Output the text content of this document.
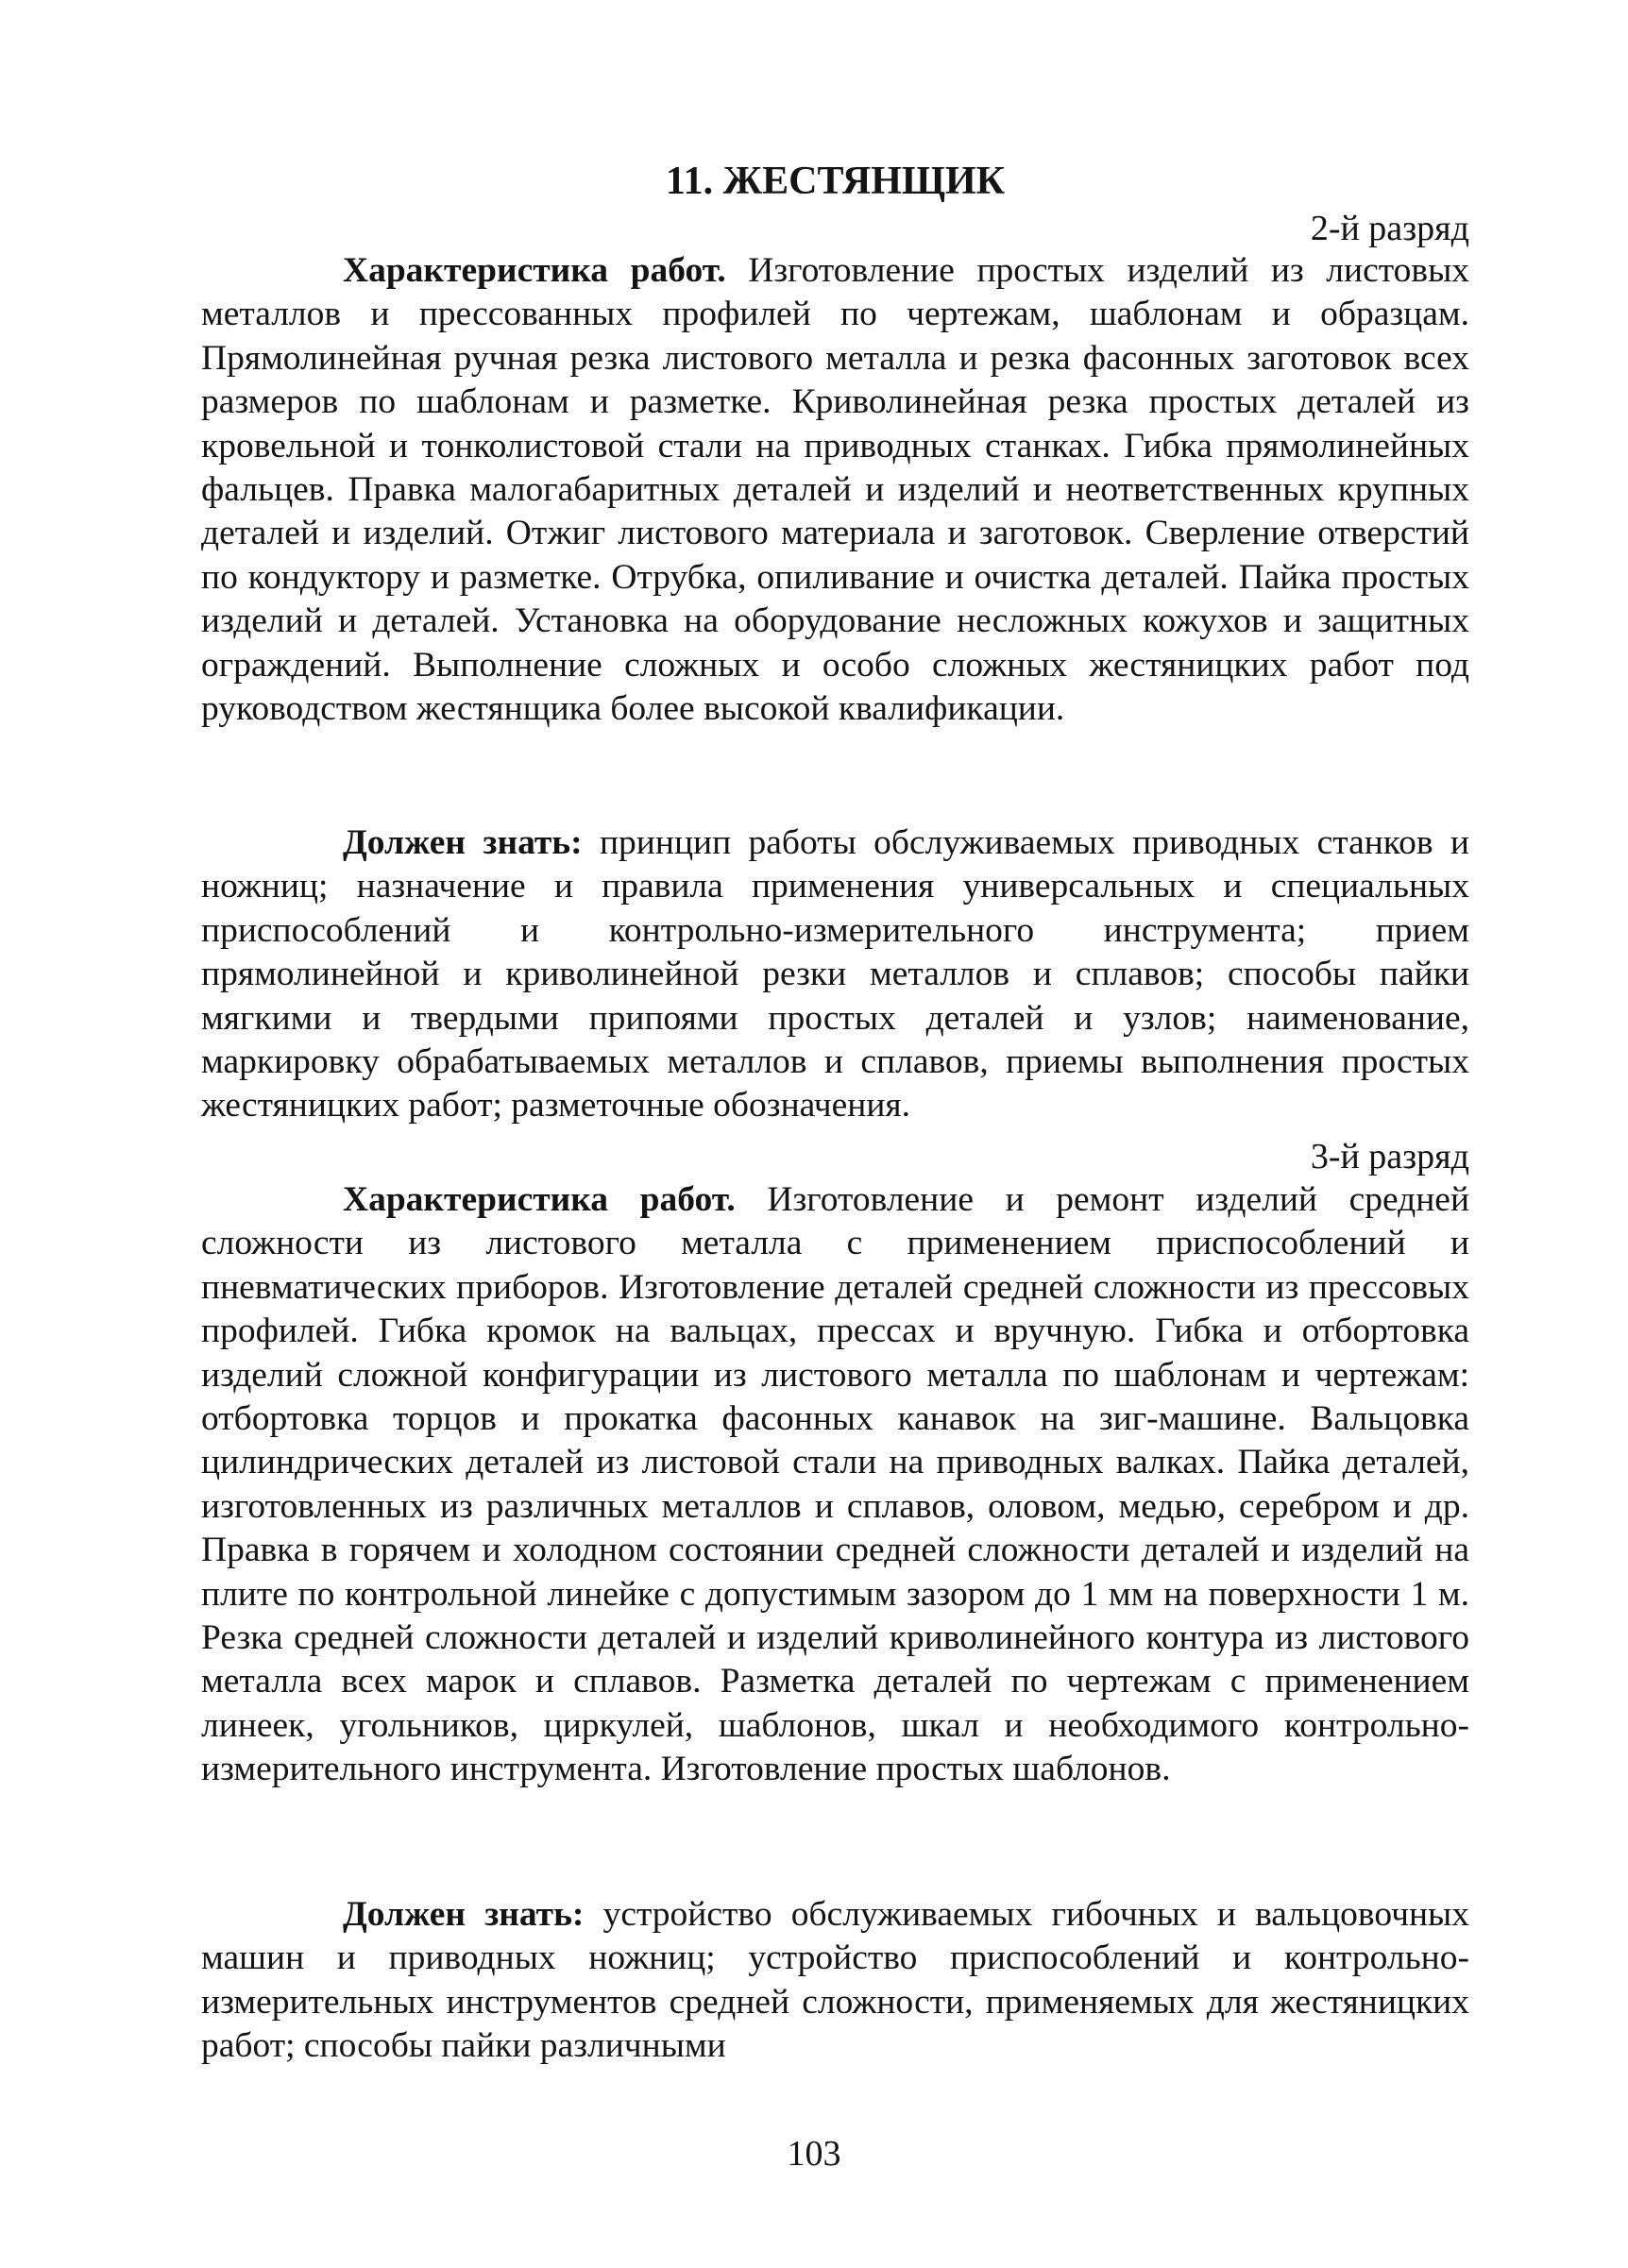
11. ЖЕСТЯНЩИК
2-й разряд

Характеристика работ. Изготовление простых изделий из листовых металлов и прессованных профилей по чертежам, шаблонам и образцам. Прямолинейная ручная резка листового металла и резка фасонных заготовок всех размеров по шаблонам и разметке. Криволинейная резка простых деталей из кровельной и тонколистовой стали на приводных станках. Гибка прямолинейных фальцев. Правка малогабаритных деталей и изделий и неответственных крупных деталей и изделий. Отжиг листового материала и заготовок. Сверление отверстий по кондуктору и разметке. Отрубка, опиливание и очистка деталей. Пайка простых изделий и деталей. Установка на оборудование несложных кожухов и защитных ограждений. Выполнение сложных и особо сложных жестяницких работ под руководством жестянщика более высокой квалификации.

Должен знать: принцип работы обслуживаемых приводных станков и ножниц; назначение и правила применения универсальных и специальных приспособлений и контрольно-измерительного инструмента; прием прямолинейной и криволинейной резки металлов и сплавов; способы пайки мягкими и твердыми припоями простых деталей и узлов; наименование, маркировку обрабатываемых металлов и сплавов, приемы выполнения простых жестяницких работ; разметочные обозначения.

3-й разряд

Характеристика работ. Изготовление и ремонт изделий средней сложности из листового металла с применением приспособлений и пневматических приборов. Изготовление деталей средней сложности из прессовых профилей. Гибка кромок на вальцах, прессах и вручную. Гибка и отбортовка изделий сложной конфигурации из листового металла по шаблонам и чертежам: отбортовка торцов и прокатка фасонных канавок на зиг-машине. Вальцовка цилиндрических деталей из листовой стали на приводных валках. Пайка деталей, изготовленных из различных металлов и сплавов, оловом, медью, серебром и др. Правка в горячем и холодном состоянии средней сложности деталей и изделий на плите по контрольной линейке с допустимым зазором до 1 мм на поверхности 1 м. Резка средней сложности деталей и изделий криволинейного контура из листового металла всех марок и сплавов. Разметка деталей по чертежам с применением линеек, угольников, циркулей, шаблонов, шкал и необходимого контрольно-измерительного инструмента. Изготовление простых шаблонов.

Должен знать: устройство обслуживаемых гибочных и вальцовочных машин и приводных ножниц; устройство приспособлений и контрольно-измерительных инструментов средней сложности, применяемых для жестяницких работ; способы пайки различными

103
